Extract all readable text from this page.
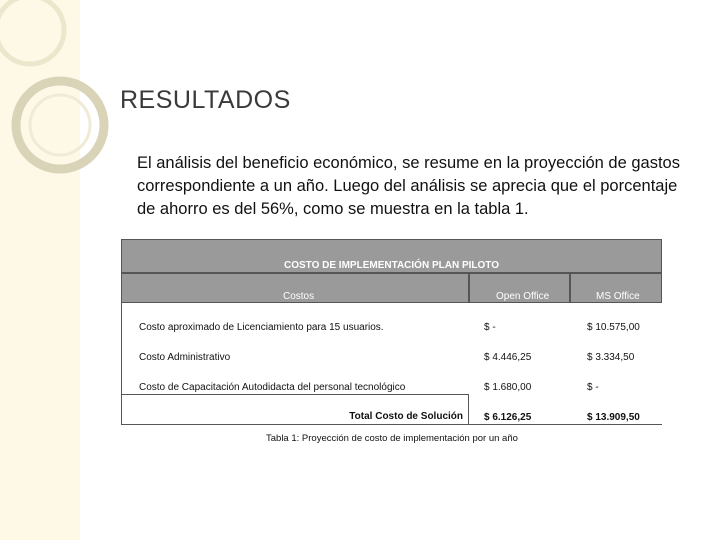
RESULTADOS
El análisis del beneficio económico, se resume en la proyección de gastos correspondiente a un año. Luego del análisis se aprecia que el porcentaje de ahorro es del 56%, como se muestra en la tabla 1.
COSTO DE IMPLEMENTACIÓN PLAN PILOTO
Costos	Open Office	MS Office
Costo aproximado de Licenciamiento para 15 usuarios.	$ -	$ 10.575,00
Costo Administrativo	$ 4.446,25	$ 3.334,50
Costo de Capacitación Autodidacta del personal tecnológico	$ 1.680,00	$ -
Total Costo de Solución $ 6.126,25	$ 13.909,50
Tabla 1: Proyección de costo de implementación por un año
